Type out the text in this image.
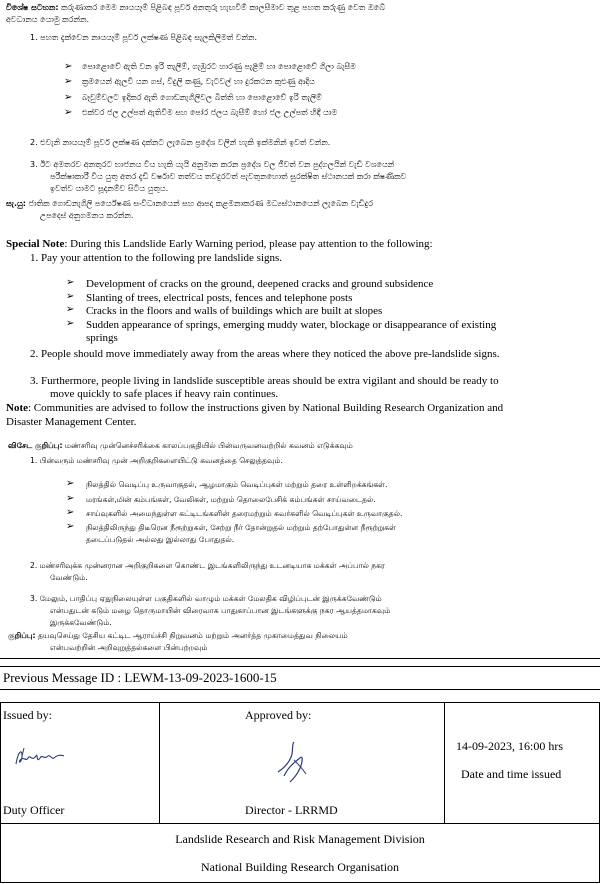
විශේෂ සටහන: කරුණාකර මෙම නායයෑම් පිළිබඳ පූර්ව අනතුරු හැඟවීම් කාලසීමාව තුළ පහත කරුණු වෙත ඔබේ
අවධානය යොමු කරන්න.
1. පහත දැක්වෙන නායයෑම් පූර්ව ලක්ෂණ පිළිබඳ සැලකිලිමත් වන්න.
➢ පොළොවේ ඇති වන ඉරි තැලීම්, ගැඹුරට හාරණු පැළීම් හා පොළොවේ ගිලා බැසීම
➢ ක්‍රමයෙන් ඇලවී යන ගස්, විදුලි කණු, වැටවල් හා දුරකථන කුළුණු ආදිය
➢ බෑවුම්වලට ඉදිකර ඇති ගොඩනැගිලිවල බිත්ති හා පොළොවේ ඉරි තැලීම්
➢ එක්වර ජල උල්පත් ඇතිවීම සහ පෝර ජලය බැසීම් හෝ ජල උල්පත් හිඳී යාම
2. එවැනි නායයෑම් පූර්ව ලක්ෂණ දක්නට ලැබෙන ප්‍රදේශ වලින් හැකි ඉක්මනින් ඉවත් වන්න.
3. ඊට අමතරව අනතුරට භාජනය විය හැකි යැයි අනුමාන කරන ප්‍රදේශ වල ජීවත් වන පුද්ගලයින් වැඩි වශයෙන්
පරීක්ෂාකාරී විය යුතු අතර දැඩි වර්ෂාව තත්වය තවදුරටත් පැවතුනහොත් සුරක්ෂිත ස්ථානයක් කරා ක්ෂණිකව
ඉවත්ව යාමට සූදානම්ව සිටිය යුතුය.
සැ.යු: ජාතික ගොඩනැගිලි පර්යේෂණ සංවිධානයෙන් සහ ආපදා කළමනාකරණ මධ්‍යස්ථානයෙන් ලැබෙන වැඩිදුර
උපදෙස් අනුගමනය කරන්න.
Special Note: During this Landslide Early Warning period, please pay attention to the following:
1. Pay your attention to the following pre landslide signs.
➢ Development of cracks on the ground, deepened cracks and ground subsidence
➢ Slanting of trees, electrical posts, fences and telephone posts
➢ Cracks in the floors and walls of buildings which are built at slopes
➢ Sudden appearance of springs, emerging muddy water, blockage or disappearance of existing
springs
2. People should move immediately away from the areas where they noticed the above pre-landslide signs.
3. Furthermore, people living in landslide susceptible areas should be extra vigilant and should be ready to
move quickly to safe places if heavy rain continues.
Note: Communities are advised to follow the instructions given by National Building Research Organization and
Disaster Management Center.
விசேட குறிப்பு: மண்சரிவு முன்னெச்சரிக்கை காலப்பகுதியில் பின்வருவனவற்றில் கவனம் எடுக்கவும்
1. பின்வரும் மண்சரிவு முன் அறிகுறிகளையிட்டு கவனத்தை செலுத்தவும்.
➢ நிலத்தில் வெடிப்பு உருவாகுதல், ஆழமாகும் வெடிப்புகள் மற்றும் தரை உள்ளிறக்கங்கள்.
➢ மரங்கள்,மின் கம்பங்கள், வேலிகள், மற்றும் தொலைபேசிக் கம்பங்கள் சாய்வடைதல்.
➢ சாய்வுகளில் அமைந்துள்ள கட்டிடங்களின் தரைமற்றும் சுவர்களில் வெடிப்புகள் உருவாகுதல்.
➢ நிலத்திலிருந்து திடீரென நீரூற்றுகள், சேற்று நீர் தோன்றுதல் மற்றும் தற்போதுள்ள நீரூற்றுகள்
தடைப்படுதல் அல்லது இல்லாது போதுதல்.
2. மண்சரிவுக்க முன்னரான அறிகுறிகளை கொண்ட இடங்களிலிருந்து உடனடியாக மக்கள் அப்பால் நகர
வேண்டும்.
3. மேலும், பாதிப்பு ஏதுநிலையுள்ள பகுதிகளில் வாழும் மக்கள் மேலதிக விழிப்புடன் இருக்கவேண்டும்
என்பதுடன் கடும் மழை தொருமாயின் விரைவாக பாதுகாப்பான இடங்களுக்கு நகர ஆயத்தமாகவும்
இருக்கவேண்டும்.
குறிப்பு: தயவுசெய்து தேசிய கட்டிட ஆராய்ச்சி நிறுவனம் மற்றும் அனர்த்த முகாமைத்துவ நிலையம்
என்பவற்றின் அறிவுறுத்தல்களை பின்பற்றவும்
Previous Message ID : LEWM-13-09-2023-1600-15
Issued by:	Approved by:
14-09-2023, 16:00 hrs
Date and time issued
Duty Officer	Director - LRRMD
Landslide Research and Risk Management Division
National Building Research Organisation
